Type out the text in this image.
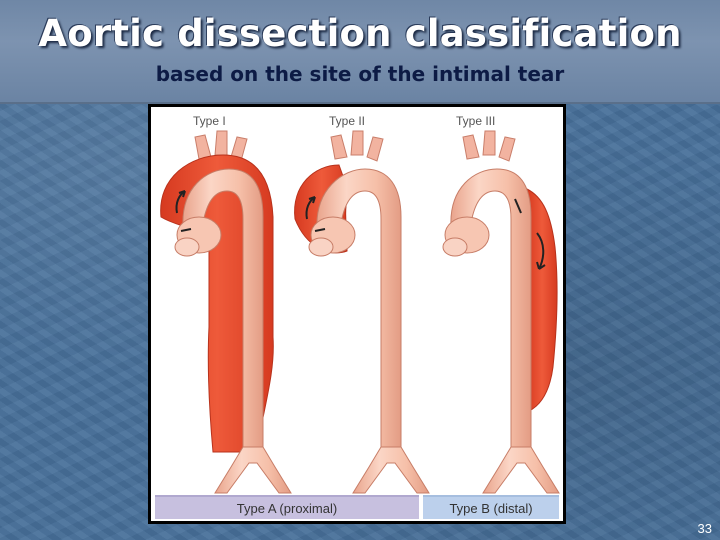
Aortic dissection classification
based on the site of the intimal tear
Type I	Type II	Type III
Type A (proximal)	Type B (distal)
33
